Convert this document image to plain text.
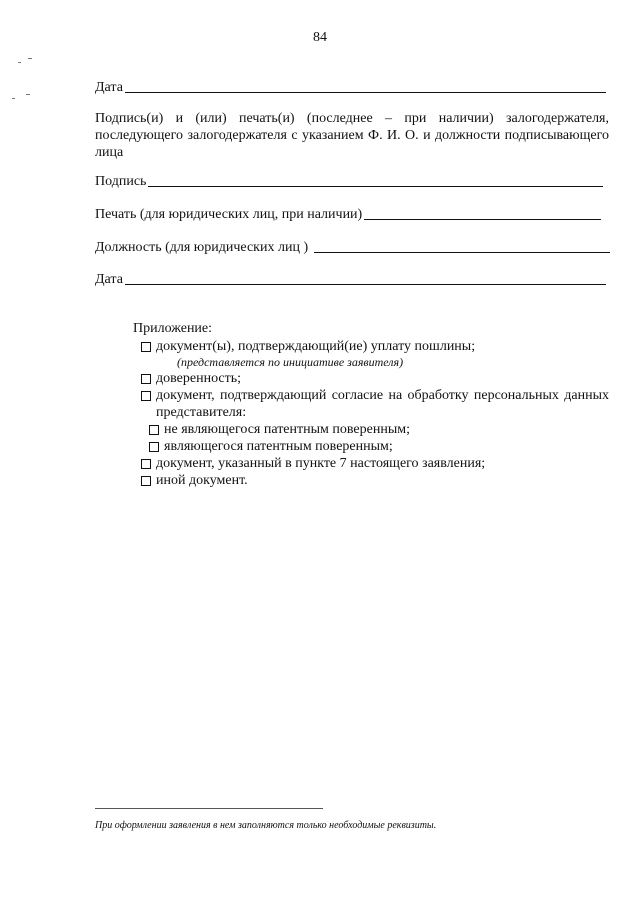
84
Дата
Подпись(и) и (или) печать(и) (последнее – при наличии) залогодержателя,
последующего залогодержателя с указанием Ф. И. О. и должности подписывающего
лица
Подпись
Печать (для юридических лиц, при наличии)
Должность (для юридических лиц )
Дата
Приложение:
документ(ы), подтверждающий(ие) уплату пошлины;
(представляется по инициативе заявителя)
доверенность;
документ, подтверждающий согласие на обработку персональных данных представителя:
не являющегося патентным поверенным;
являющегося патентным поверенным;
документ, указанный в пункте 7 настоящего заявления;
иной документ.
При оформлении заявления в нем заполняются только необходимые реквизиты.
